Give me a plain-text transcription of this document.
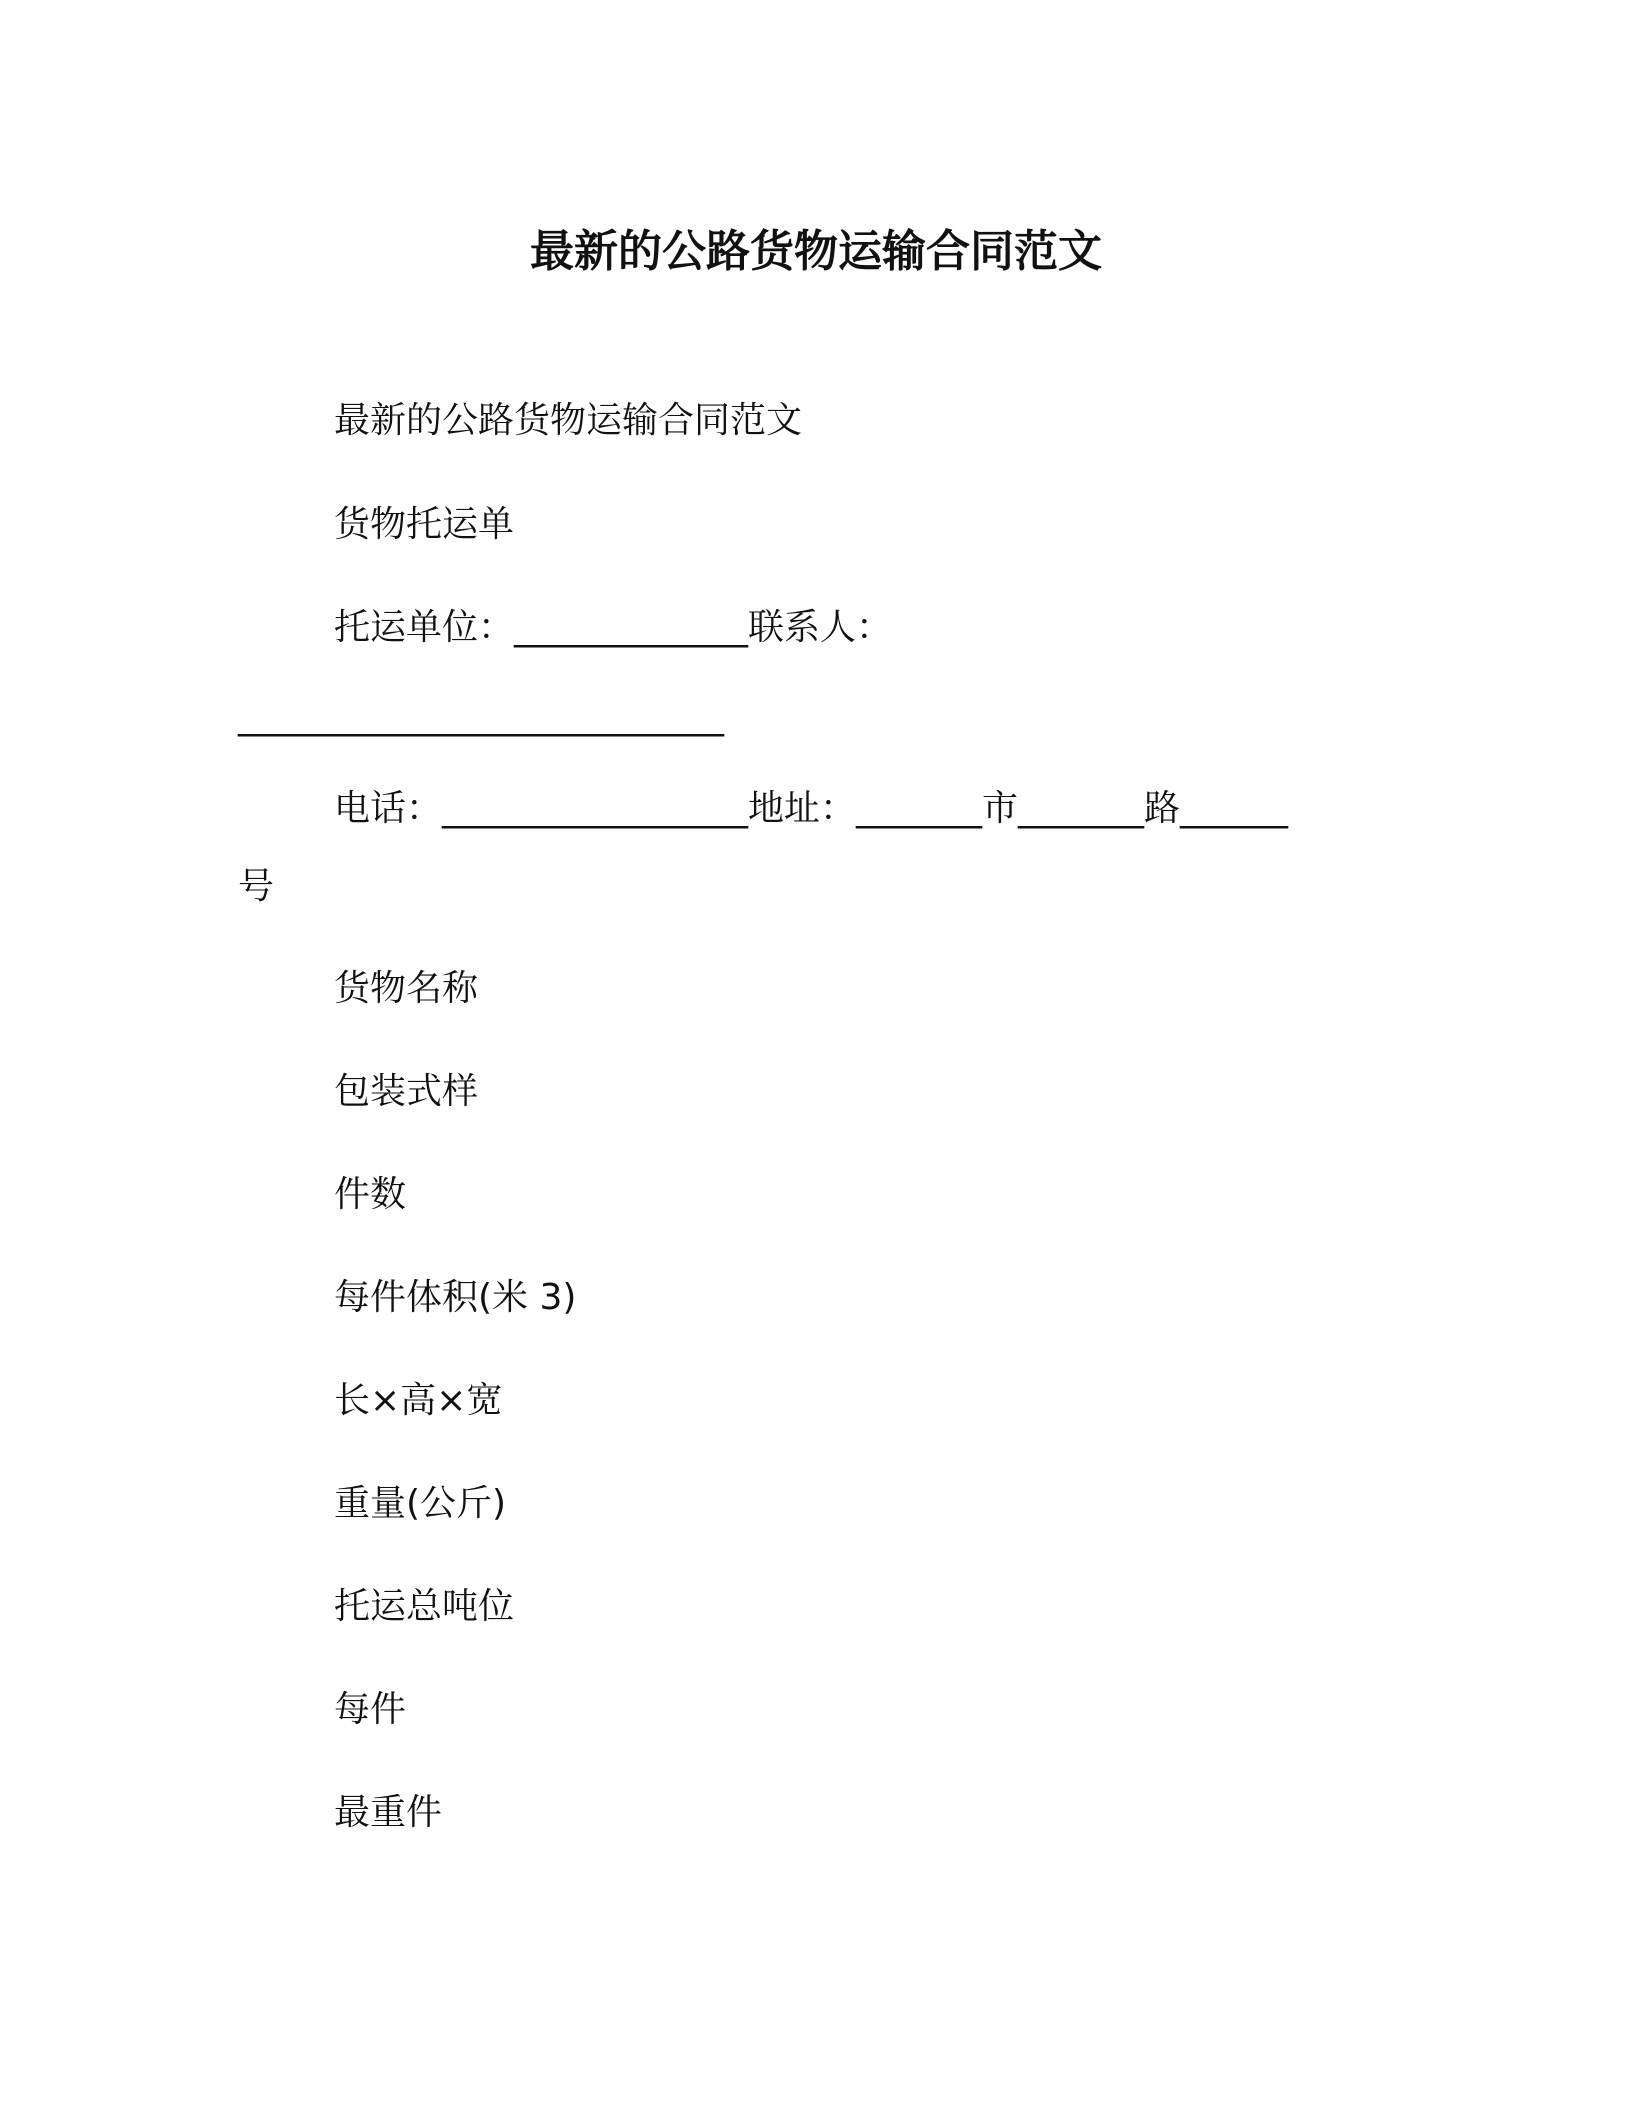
最新的公路货物运输合同范文
最新的公路货物运输合同范文
货物托运单
托运单位：_____________联系人：
___________________________
电话：_________________地址：_______市_______路______
号
货物名称
包装式样
件数
每件体积(米 3)
长×高×宽
重量(公斤)
托运总吨位
每件
最重件
